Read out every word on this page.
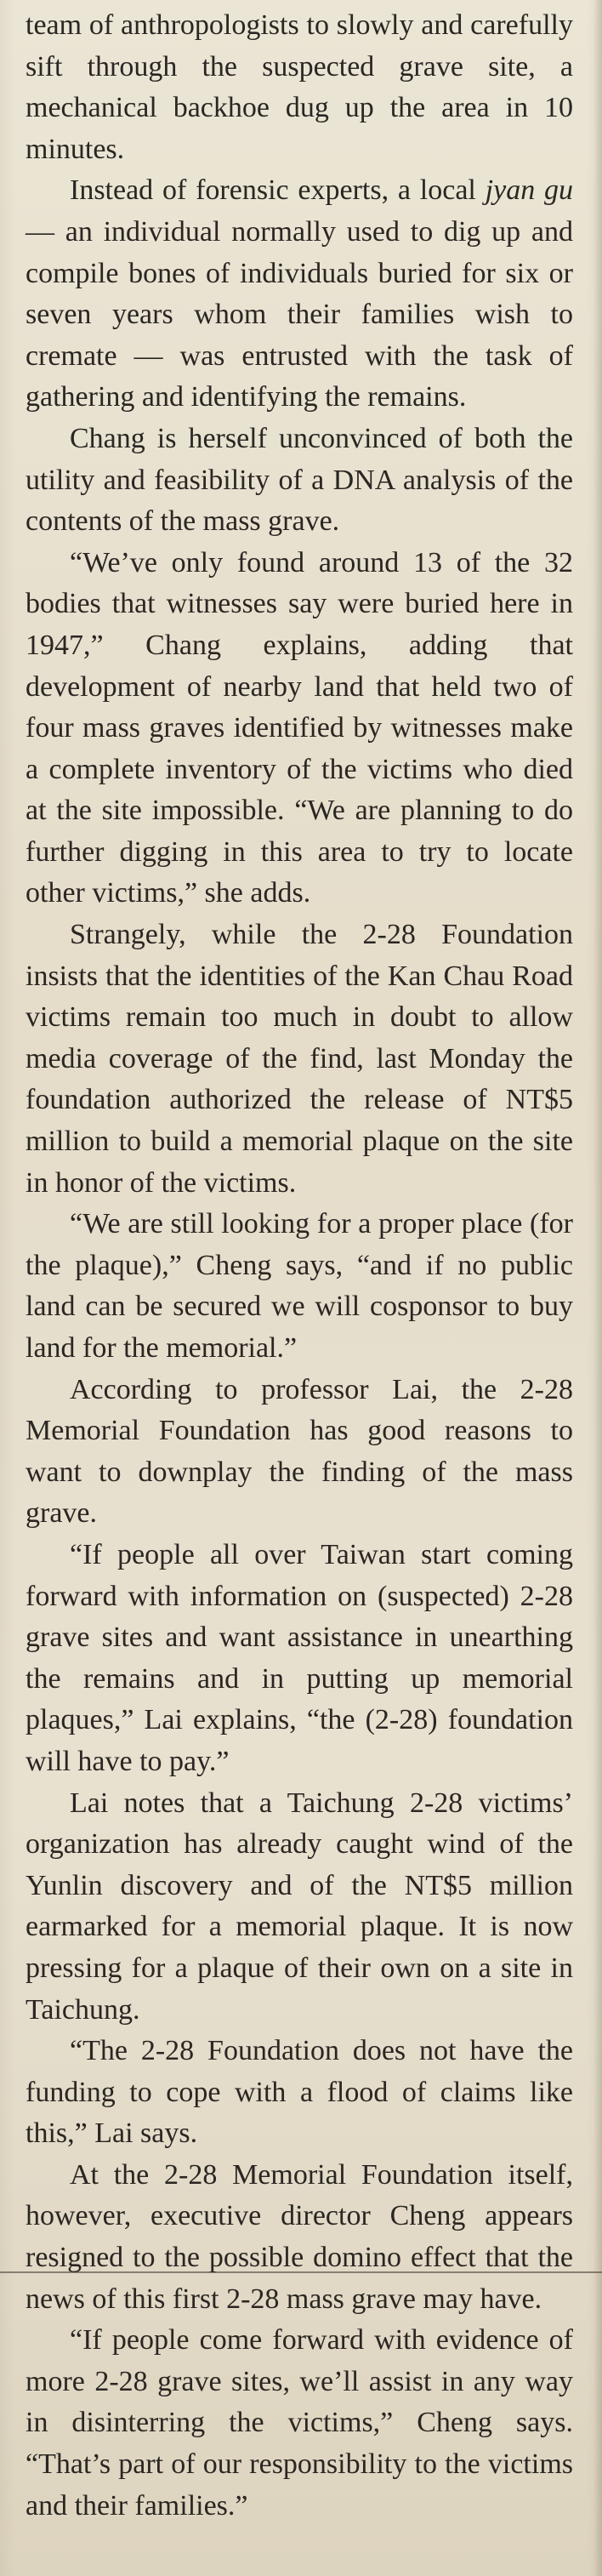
team of anthropologists to slowly and carefully sift through the suspected grave site, a mechanical backhoe dug up the area in 10 minutes.

Instead of forensic experts, a local jyan gu — an individual normally used to dig up and compile bones of individuals buried for six or seven years whom their families wish to cremate — was entrusted with the task of gathering and identifying the remains.

Chang is herself unconvinced of both the utility and feasibility of a DNA analysis of the contents of the mass grave.

“We’ve only found around 13 of the 32 bodies that witnesses say were buried here in 1947,” Chang explains, adding that development of nearby land that held two of four mass graves identified by witnesses make a complete inventory of the victims who died at the site impossible. “We are planning to do further digging in this area to try to locate other victims,” she adds.

Strangely, while the 2-28 Foundation insists that the identities of the Kan Chau Road victims remain too much in doubt to allow media coverage of the find, last Monday the foundation authorized the release of NT$5 million to build a memorial plaque on the site in honor of the victims.

“We are still looking for a proper place (for the plaque),” Cheng says, “and if no public land can be secured we will cosponsor to buy land for the memorial.”

According to professor Lai, the 2-28 Memorial Foundation has good reasons to want to downplay the finding of the mass grave.

“If people all over Taiwan start coming forward with information on (suspected) 2-28 grave sites and want assistance in unearthing the remains and in putting up memorial plaques,” Lai explains, “the (2-28) foundation will have to pay.”

Lai notes that a Taichung 2-28 victims’ organization has already caught wind of the Yunlin discovery and of the NT$5 million earmarked for a memorial plaque. It is now pressing for a plaque of their own on a site in Taichung.

“The 2-28 Foundation does not have the funding to cope with a flood of claims like this,” Lai says.

At the 2-28 Memorial Foundation itself, however, executive director Cheng appears resigned to the possible domino effect that the news of this first 2-28 mass grave may have.

“If people come forward with evidence of more 2-28 grave sites, we’ll assist in any way in disinterring the victims,” Cheng says. “That’s part of our responsibility to the victims and their families.”
